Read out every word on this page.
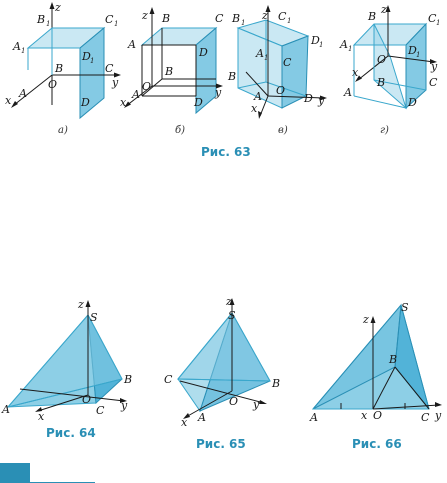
z
B 1	C 1
A 1	D 1
B	C
y
O
x
A
D
а)
z B	C
A
D
B
O	y
A
x	D
б)
B 1
z C 1
D 1
A 1 C
B
A O
D y
x
в)
B
z
C 1
A 1	D 1
O
y
x
B	C
A
D
г)
Рис. 63
z
S
B
A
O	y
x	C
Рис. 64
z
S
C	B
A
O y
x
Рис. 65
S
z
B
A	x O	C y
Рис. 66
